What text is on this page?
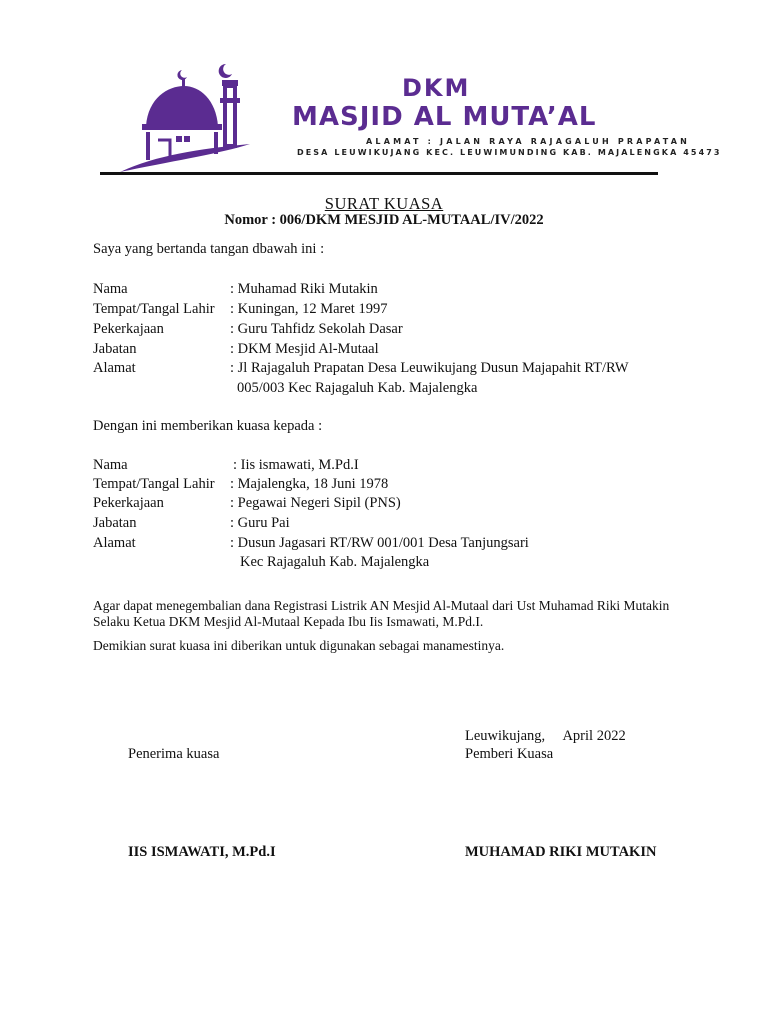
DKM
MASJID AL MUTA’AL
ALAMAT : JALAN RAYA RAJAGALUH PRAPATAN
DESA LEUWIKUJANG KEC. LEUWIMUNDING KAB. MAJALENGKA 45473
SURAT KUASA
Nomor : 006/DKM MESJID AL-MUTAAL/IV/2022
Saya yang bertanda tangan dbawah ini :
Nama	: Muhamad Riki Mutakin
Tempat/Tangal Lahir : Kuningan, 12 Maret 1997
Pekerkajaan	: Guru Tahfidz Sekolah Dasar
Jabatan	: DKM Mesjid Al-Mutaal
Alamat	: Jl Rajagaluh Prapatan Desa Leuwikujang Dusun Majapahit RT/RW
005/003 Kec Rajagaluh Kab. Majalengka
Dengan ini memberikan kuasa kepada :
Nama	: Iis ismawati, M.Pd.I
Tempat/Tangal Lahir : Majalengka, 18 Juni 1978
Pekerkajaan	: Pegawai Negeri Sipil (PNS)
Jabatan	: Guru Pai
Alamat	: Dusun Jagasari RT/RW 001/001 Desa Tanjungsari
Kec Rajagaluh Kab. Majalengka
Agar dapat menegembalian dana Registrasi Listrik AN Mesjid Al-Mutaal dari Ust Muhamad Riki Mutakin
Selaku Ketua DKM Mesjid Al-Mutaal Kepada Ibu Iis Ismawati, M.Pd.I.
Demikian surat kuasa ini diberikan untuk digunakan sebagai manamestinya.
Leuwikujang,     April 2022
Penerima kuasa	Pemberi Kuasa
IIS ISMAWATI, M.Pd.I	MUHAMAD RIKI MUTAKIN
